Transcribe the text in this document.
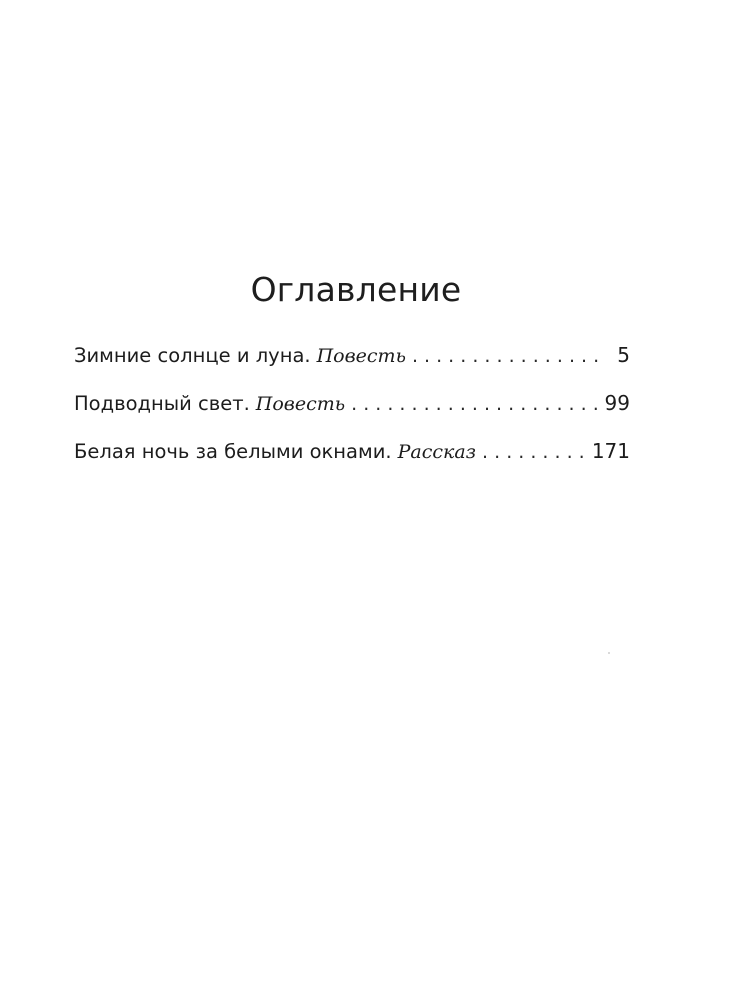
Оглавление
Зимние солнце и луна. Повесть . . .	5
Подводный свет. Повесть . . .	99
Белая ночь за белыми окнами. Рассказ . . .	171
